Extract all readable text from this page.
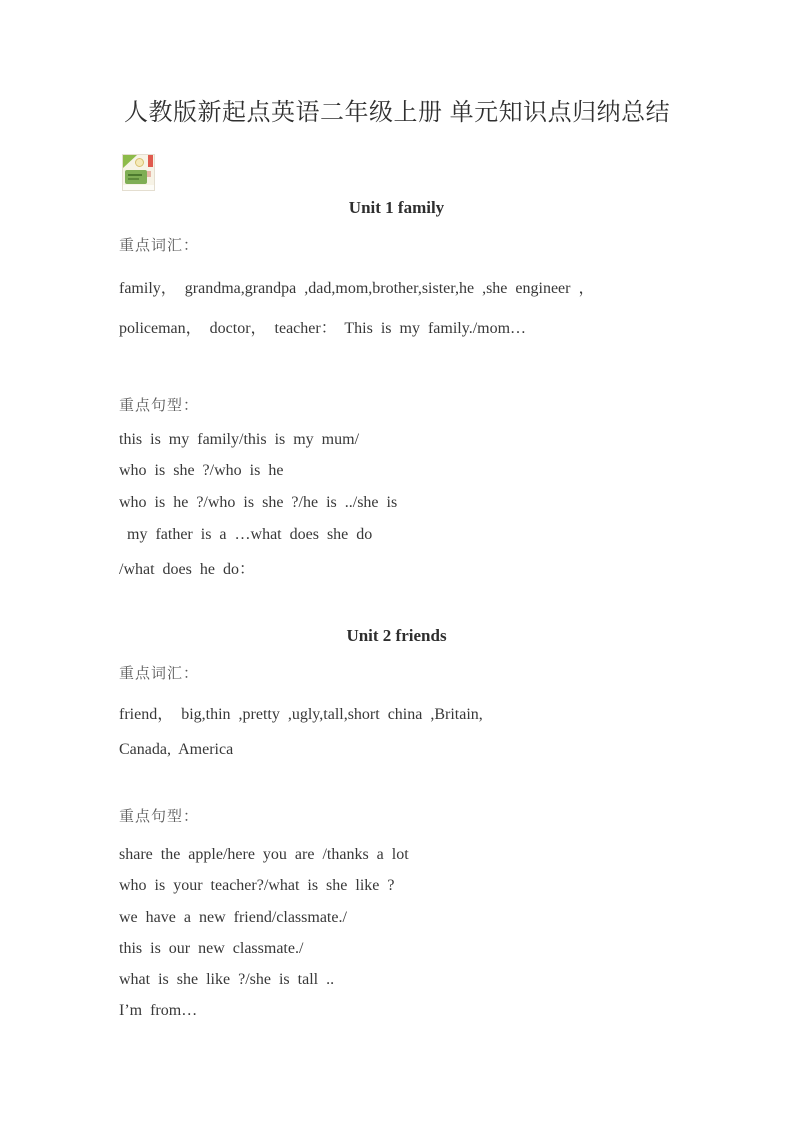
人教版新起点英语二年级上册 单元知识点归纳总结
Unit 1 family

重点词汇：

family， grandma,grandpa ,dad,mom,brother,sister,he ,she engineer ，

policeman， doctor， teacher： This is my family./mom…

重点句型：

this is my family/this is my mum/

who is she ?/who is he

who is he ?/who is she ?/he is ../she is

my father is a …what does she do

/what does he do：

Unit 2 friends

重点词汇：

friend， big,thin ,pretty ,ugly,tall,short china ,Britain,

Canada, America

重点句型：

share the apple/here you are /thanks a lot

who is your teacher?/what is she like ?

we have a new friend/classmate./

this is our new classmate./

what is she like ?/she is tall ..

I’m from…
